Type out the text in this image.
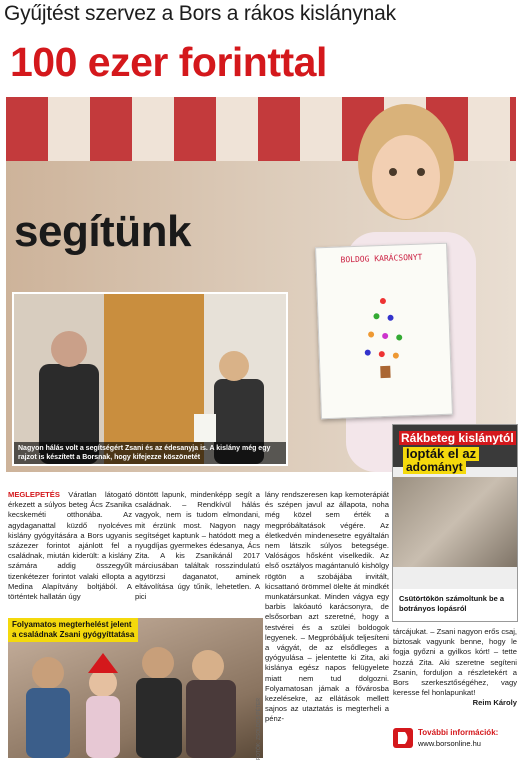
Gyűjtést szervez a Bors a rákos kislánynak
100 ezer forinttal

segítünk

BOLDOG KARÁCSONYT
Nagyon hálás volt a segítségért Zsani és az édesanyja is. A kislány még egy rajzot is készített a Borsnak, hogy kifejezze köszönetét
Rákbeteg kislánytól
lopták el az
adományt
Csütörtökön számoltunk be a botrányos lopásról
MEGLEPETÉS Váratlan látogató érkezett a súlyos beteg Ács Zsanika kecskeméti otthonába. Az agydaganattal küzdő nyolcéves kislány gyógyítására a Bors ugyanis százezer forintot ajánlott fel a családnak, miután kiderült: a kislány számára addig összegyűlt tizenkétezer forintot valaki ellopta a Medina Alapítvány boltjából. A történtek hallatán úgy
döntött lapunk, mindenképp segít a családnak. – Rendkívül hálás vagyok, nem is tudom elmondani, mit érzünk most. Nagyon nagy segítséget kaptunk – hatódott meg a nyugdíjas gyermekes édesanya, Ács Zita. A kis Zsanikánál 2017 márciusában találtak rosszindulatú agytörzsi daganatot, aminek eltávolítása úgy tűnik, lehetetlen. A pici
lány rendszeresen kap kemoterápiát és szépen javul az állapota, noha még közel sem érték a megpróbáltatások végére. Az életkedvén mindenesetre egyáltalán nem látszik súlyos betegsége. Valóságos hősként viselkedik. Az első osztályos magántanuló kishölgy rögtön a szobájába invitált, kicsattanó örömmel ölelte át mindkét munkatársunkat. Minden vágya egy barbis lakóautó karácsonyra, de elsősorban azt szeretné, hogy a testvérei és a szülei boldogok legyenek. – Megpróbáljuk teljesíteni a vágyát, de az elsődleges a gyógyulása – jelentette ki Zita, aki kislánya egész napos felügyelete miatt nem tud dolgozni. Folyamatosan jámak a fővárosba kezelésekre, az ellátások mellett sajnos az utaztatás is megterheli a pénz-
tárcájukat. – Zsani nagyon erős csaj, biztosak vagyunk benne, hogy le fogja győzni a gyilkos kórt! – tette hozzá Zita. Aki szeretne segíteni Zsanin, forduljon a részletekért a Bors szerkesztőségéhez, vagy keresse fel honlapunkat!
Reim Károly
Folyamatos megterhelést jelent
a családnak Zsani gyógyíttatása
FOTÓK: ZSOLDOS PÉTER	További információk:
www.borsonline.hu
